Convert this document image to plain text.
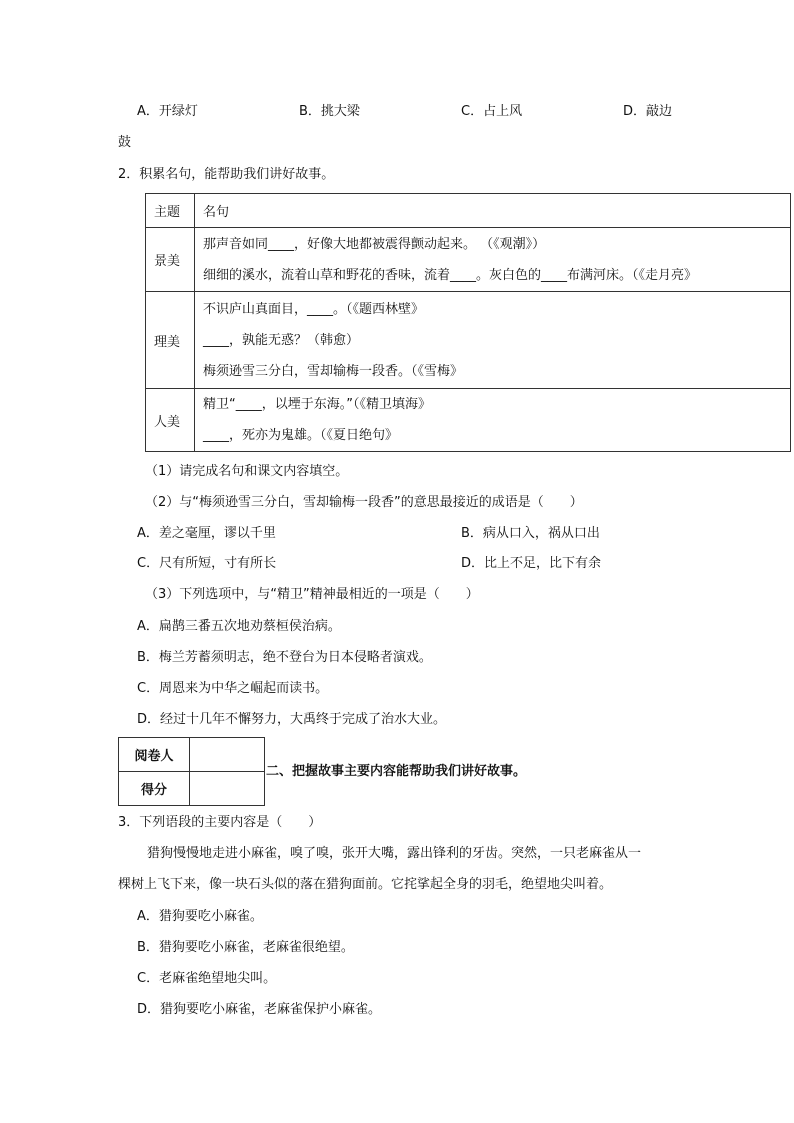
A．开绿灯	B．挑大梁	C．占上风	D．敲边
鼓
2．积累名句，能帮助我们讲好故事。
主题	名句
景美	那声音如同____，好像大地都被震得颤动起来。 （《观潮》）
细细的溪水，流着山草和野花的香味，流着____。灰白色的____布满河床。（《走月亮》

理美	不识庐山真面目，____。（《题西林壁》
____，孰能无惑？（韩愈）
梅须逊雪三分白，雪却输梅一段香。（《雪梅》

人美	精卫“____，以堙于东海。”（《精卫填海》
____，死亦为鬼雄。（《夏日绝句》
（1）请完成名句和课文内容填空。
（2）与“梅须逊雪三分白，雪却输梅一段香”的意思最接近的成语是（　　）
A．差之毫厘，谬以千里	B．病从口入，祸从口出
C．尺有所短，寸有所长	D．比上不足，比下有余
（3）下列选项中，与“精卫”精神最相近的一项是（　　）
A．扁鹊三番五次地劝蔡桓侯治病。
B．梅兰芳蓄须明志，绝不登台为日本侵略者演戏。
C．周恩来为中华之崛起而读书。
D．经过十几年不懈努力，大禹终于完成了治水大业。
阅卷人	
得分	
二、把握故事主要内容能帮助我们讲好故事。
3．下列语段的主要内容是（　　）
猎狗慢慢地走进小麻雀，嗅了嗅，张开大嘴，露出锋利的牙齿。突然，一只老麻雀从一
棵树上飞下来，像一块石头似的落在猎狗面前。它挓挲起全身的羽毛，绝望地尖叫着。
A．猎狗要吃小麻雀。
B．猎狗要吃小麻雀，老麻雀很绝望。
C．老麻雀绝望地尖叫。
D．猎狗要吃小麻雀，老麻雀保护小麻雀。
